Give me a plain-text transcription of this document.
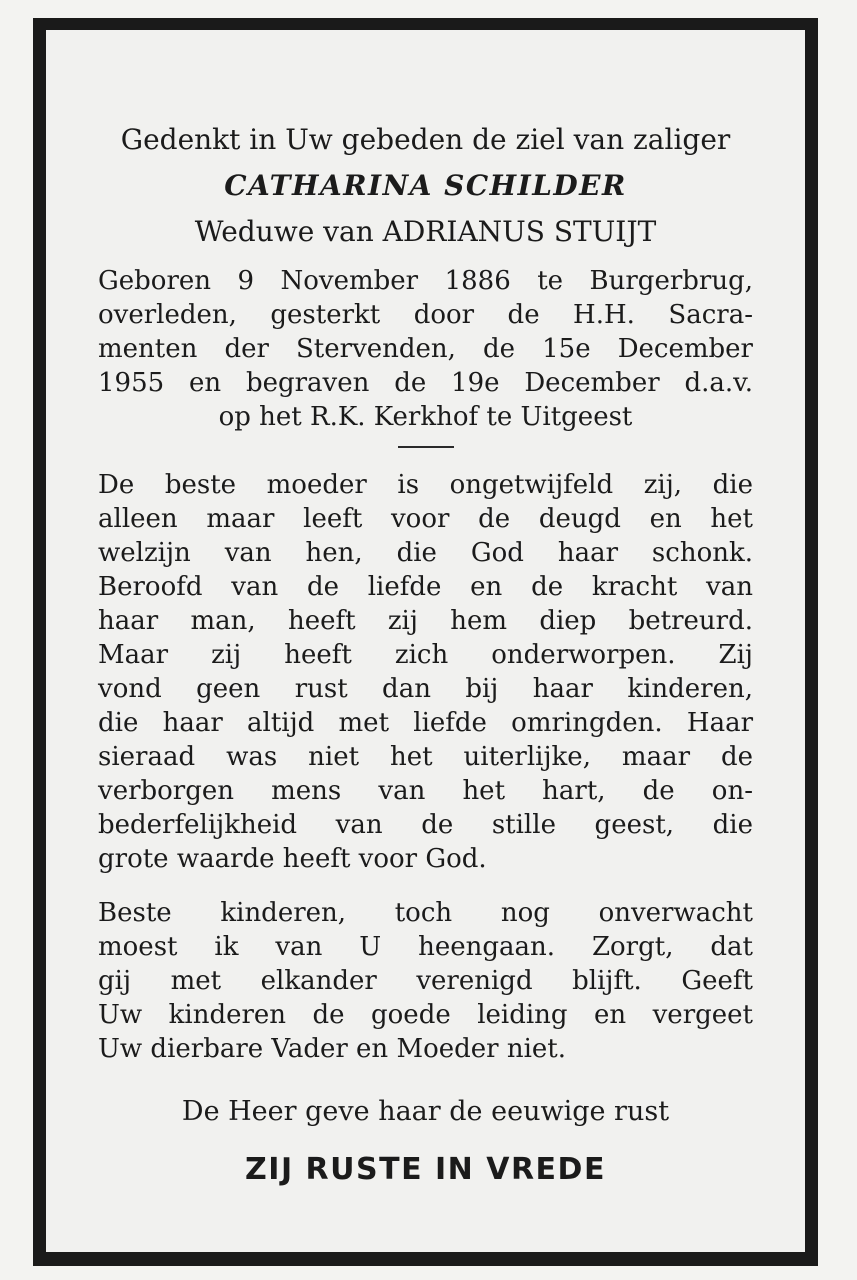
Gedenkt in Uw gebeden de ziel van zaliger
CATHARINA SCHILDER
Weduwe van ADRIANUS STUIJT
Geboren 9 November 1886 te Burgerbrug,
overleden, gesterkt door de H.H. Sacra-
menten der Stervenden, de 15e December
1955 en begraven de 19e December d.a.v.
op het R.K. Kerkhof te Uitgeest
De beste moeder is ongetwijfeld zij, die
alleen maar leeft voor de deugd en het
welzijn van hen, die God haar schonk.
Beroofd van de liefde en de kracht van
haar man, heeft zij hem diep betreurd.
Maar zij heeft zich onderworpen. Zij
vond geen rust dan bij haar kinderen,
die haar altijd met liefde omringden. Haar
sieraad was niet het uiterlijke, maar de
verborgen mens van het hart, de on-
bederfelijkheid van de stille geest, die
grote waarde heeft voor God.
Beste kinderen, toch nog onverwacht
moest ik van U heengaan. Zorgt, dat
gij met elkander verenigd blijft. Geeft
Uw kinderen de goede leiding en vergeet
Uw dierbare Vader en Moeder niet.
De Heer geve haar de eeuwige rust
ZIJ RUSTE IN VREDE
